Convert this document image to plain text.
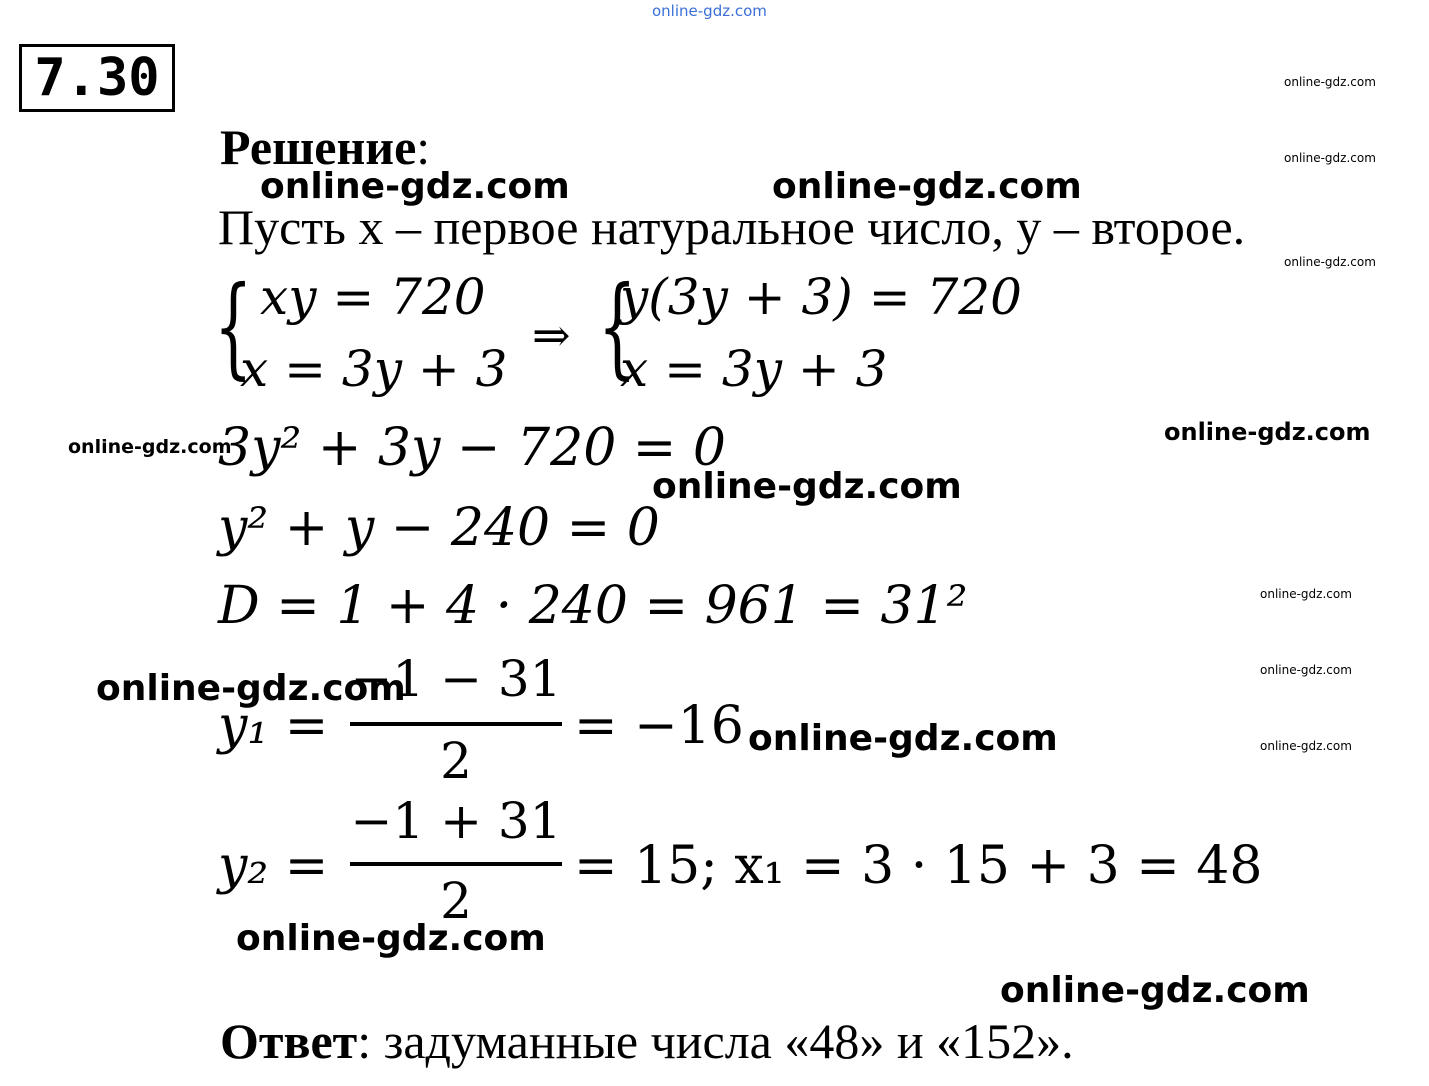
online-gdz.com
7.30
Решение:
Пусть х – первое натуральное число, у – второе.
{ xy = 720
x = 3y + 3
⇒ {
y(3y + 3) = 720
x = 3y + 3
3y² + 3y − 720 = 0
y² + y − 240 = 0
D = 1 + 4 · 240 = 961 = 31²
y₁ =
−1 − 31
2
= −16
y₂ =
−1 + 31
2
= 15; x₁ = 3 · 15 + 3 = 48
Ответ: задуманные числа «48» и «152».
online-gdz.com
online-gdz.com
online-gdz.com
online-gdz.com	online-gdz.com
online-gdz.com
online-gdz.com
online-gdz.com
online-gdz.com
online-gdz.com
online-gdz.com
online-gdz.com	online-gdz.com
online-gdz.com
online-gdz.com
